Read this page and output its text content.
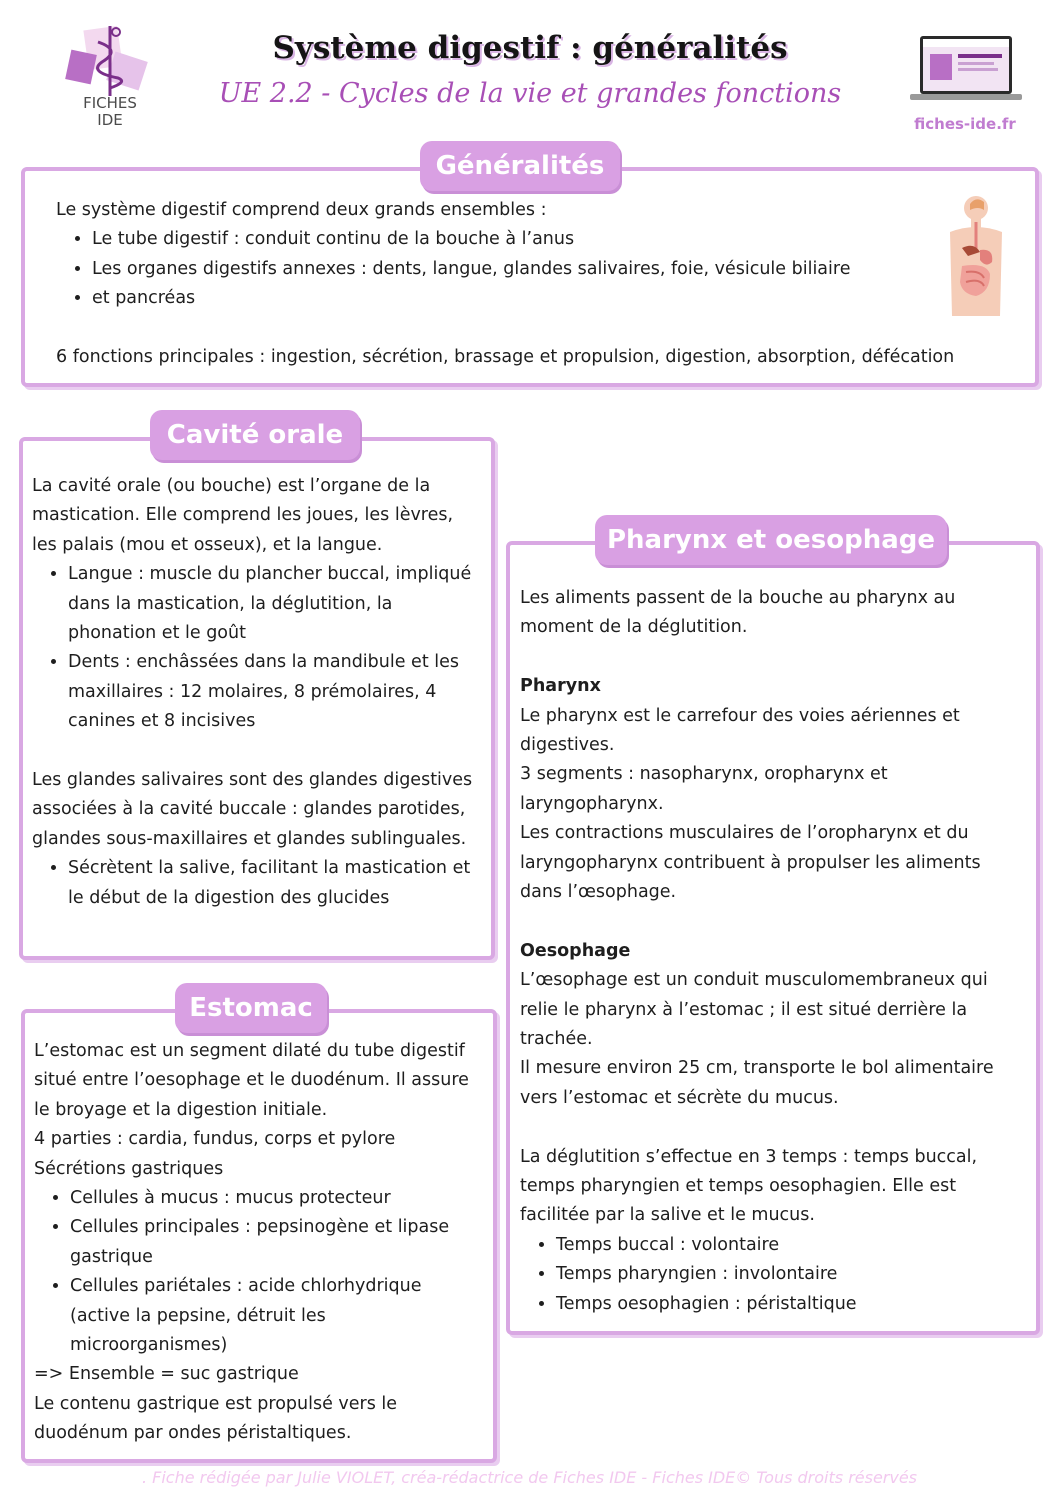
FICHES
IDE
Système digestif : généralités
UE 2.2 - Cycles de la vie et grandes fonctions
fiches-ide.fr
Généralités

Le système digestif comprend deux grands ensembles :

• Le tube digestif : conduit continu de la bouche à l’anus
• Les organes digestifs annexes : dents, langue, glandes salivaires, foie, vésicule biliaire
• et pancréas

6 fonctions principales : ingestion, sécrétion, brassage et propulsion, digestion, absorption, défécation

Cavité orale

La cavité orale (ou bouche) est l’organe de la mastication. Elle comprend les joues, les lèvres, les palais (mou et osseux), et la langue.

• Langue : muscle du plancher buccal, impliqué dans la mastication, la déglutition, la phonation et le goût
• Dents : enchâssées dans la mandibule et les maxillaires : 12 molaires, 8 prémolaires, 4 canines et 8 incisives

Les glandes salivaires sont des glandes digestives associées à la cavité buccale : glandes parotides, glandes sous-maxillaires et glandes sublinguales.

• Sécrètent la salive, facilitant la mastication et le début de la digestion des glucides
Estomac

L’estomac est un segment dilaté du tube digestif situé entre l’oesophage et le duodénum. Il assure le broyage et la digestion initiale.

4 parties : cardia, fundus, corps et pylore

Sécrétions gastriques

• Cellules à mucus : mucus protecteur
• Cellules principales : pepsinogène et lipase gastrique
• Cellules pariétales : acide chlorhydrique (active la pepsine, détruit les microorganismes)

=> Ensemble = suc gastrique

Le contenu gastrique est propulsé vers le duodénum par ondes péristaltiques.

Pharynx et oesophage

Les aliments passent de la bouche au pharynx au moment de la déglutition.

Pharynx

Le pharynx est le carrefour des voies aériennes et digestives.

3 segments : nasopharynx, oropharynx et laryngopharynx.

Les contractions musculaires de l’oropharynx et du laryngopharynx contribuent à propulser les aliments dans l’œsophage.

Oesophage

L’œsophage est un conduit musculomembraneux qui relie le pharynx à l’estomac ; il est situé derrière la trachée.

Il mesure environ 25 cm, transporte le bol alimentaire vers l’estomac et sécrète du mucus.

La déglutition s’effectue en 3 temps : temps buccal, temps pharyngien et temps oesophagien. Elle est facilitée par la salive et le mucus.

• Temps buccal : volontaire
• Temps pharyngien : involontaire
• Temps oesophagien : péristaltique
. Fiche rédigée par Julie VIOLET, créa-rédactrice de Fiches IDE - Fiches IDE© Tous droits réservés
